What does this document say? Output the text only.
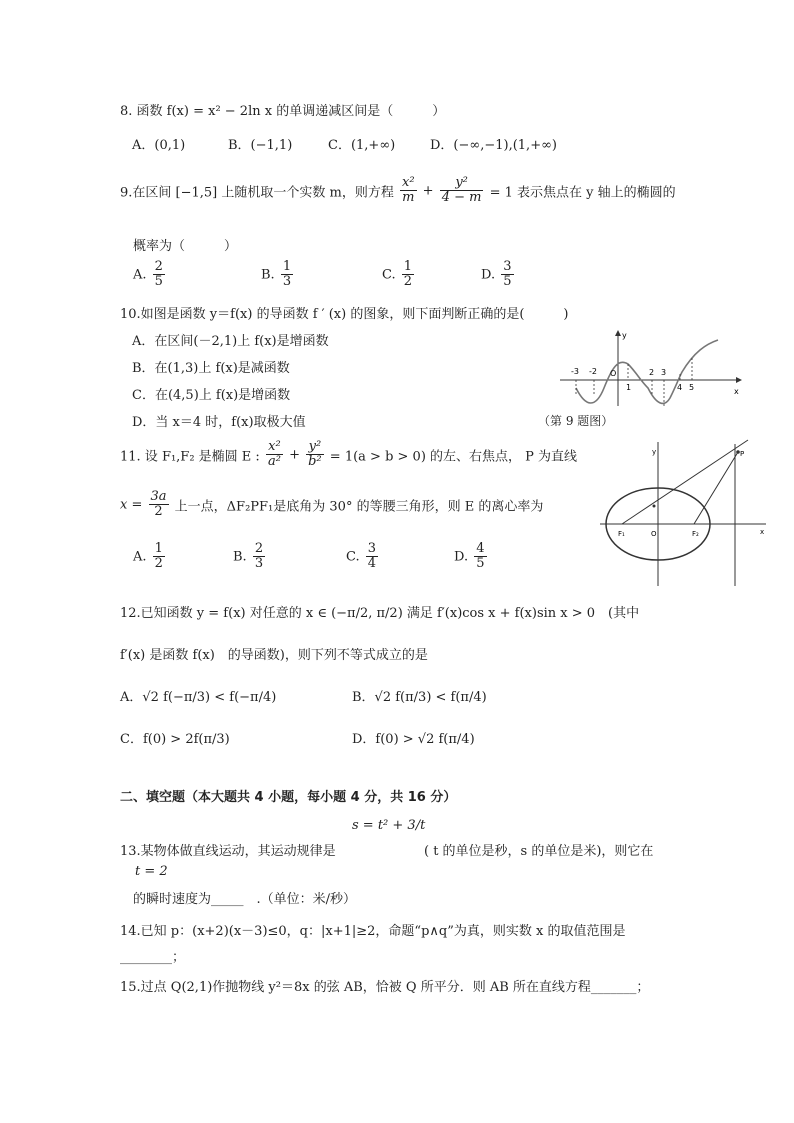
8. 函数 f(x) = x² − 2ln x 的单调递减区间是（　　　）
A．(0,1)	B．(−1,1)	C．(1,+∞)	D．(−∞,−1),(1,+∞)
9.在区间 [−1,5] 上随机取一个实数 m，则方程 $\frac{\text{x²}}{m} + \frac{\text{y²}}{4 - m} = 1$ 表示焦点在 y 轴上的椭圆的
概率为（　　　）
A. $\frac{2}{5}$	B. $\frac{1}{3}$	C. $\frac{1}{2}$	D. $\frac{3}{5}$
10.如图是函数 y＝f(x) 的导函数 f ′ (x) 的图象，则下面判断正确的是(　　　)
A．在区间(－2,1)上 f(x)是增函数
B．在(1,3)上 f(x)是减函数
C．在(4,5)上 f(x)是增函数
D．当 x＝4 时，f(x)取极大值
y
x
O
-3 -2
1
2 3
4 5
（第 9 题图）
11. 设 F₁,F₂ 是椭圆 E : $\frac{\text{x²}}{\text{a²}} + \frac{\text{y²}}{\text{b²}} = 1(a > b > 0)$ 的左、右焦点， P 为直线
$x = \frac{3a}{2}$ 上一点，ΔF₂PF₁是底角为 30° 的等腰三角形，则 E 的离心率为
A. $\frac{1}{2}$	B. $\frac{2}{3}$	C. $\frac{3}{4}$	D. $\frac{4}{5}$
P
y
x
O
F₁	F₂
12.已知函数 y = f(x) 对任意的 x ∈ (−π/2, π/2) 满足 f′(x)cos x + f(x)sin x > 0　(其中
f′(x) 是函数 f(x)　的导函数)，则下列不等式成立的是
A．√2 f(−π/3) < f(−π/4)	B．√2 f(π/3) < f(π/4)
C．f(0) > 2f(π/3)	D．f(0) > √2 f(π/4)
二、填空题（本大题共 4 小题，每小题 4 分，共 16 分）
s = t² + 3/t
13.某物体做直线运动，其运动规律是	( t 的单位是秒，s 的单位是米)，则它在
t = 2
的瞬时速度为_____　.（单位：米/秒）
14.已知 p：(x+2)(x－3)≤0，q：|x+1|≥2，命题“p∧q”为真，则实数 x 的取值范围是
________；
15.过点 Q(2,1)作抛物线 y²＝8x 的弦 AB，恰被 Q 所平分．则 AB 所在直线方程_______；
